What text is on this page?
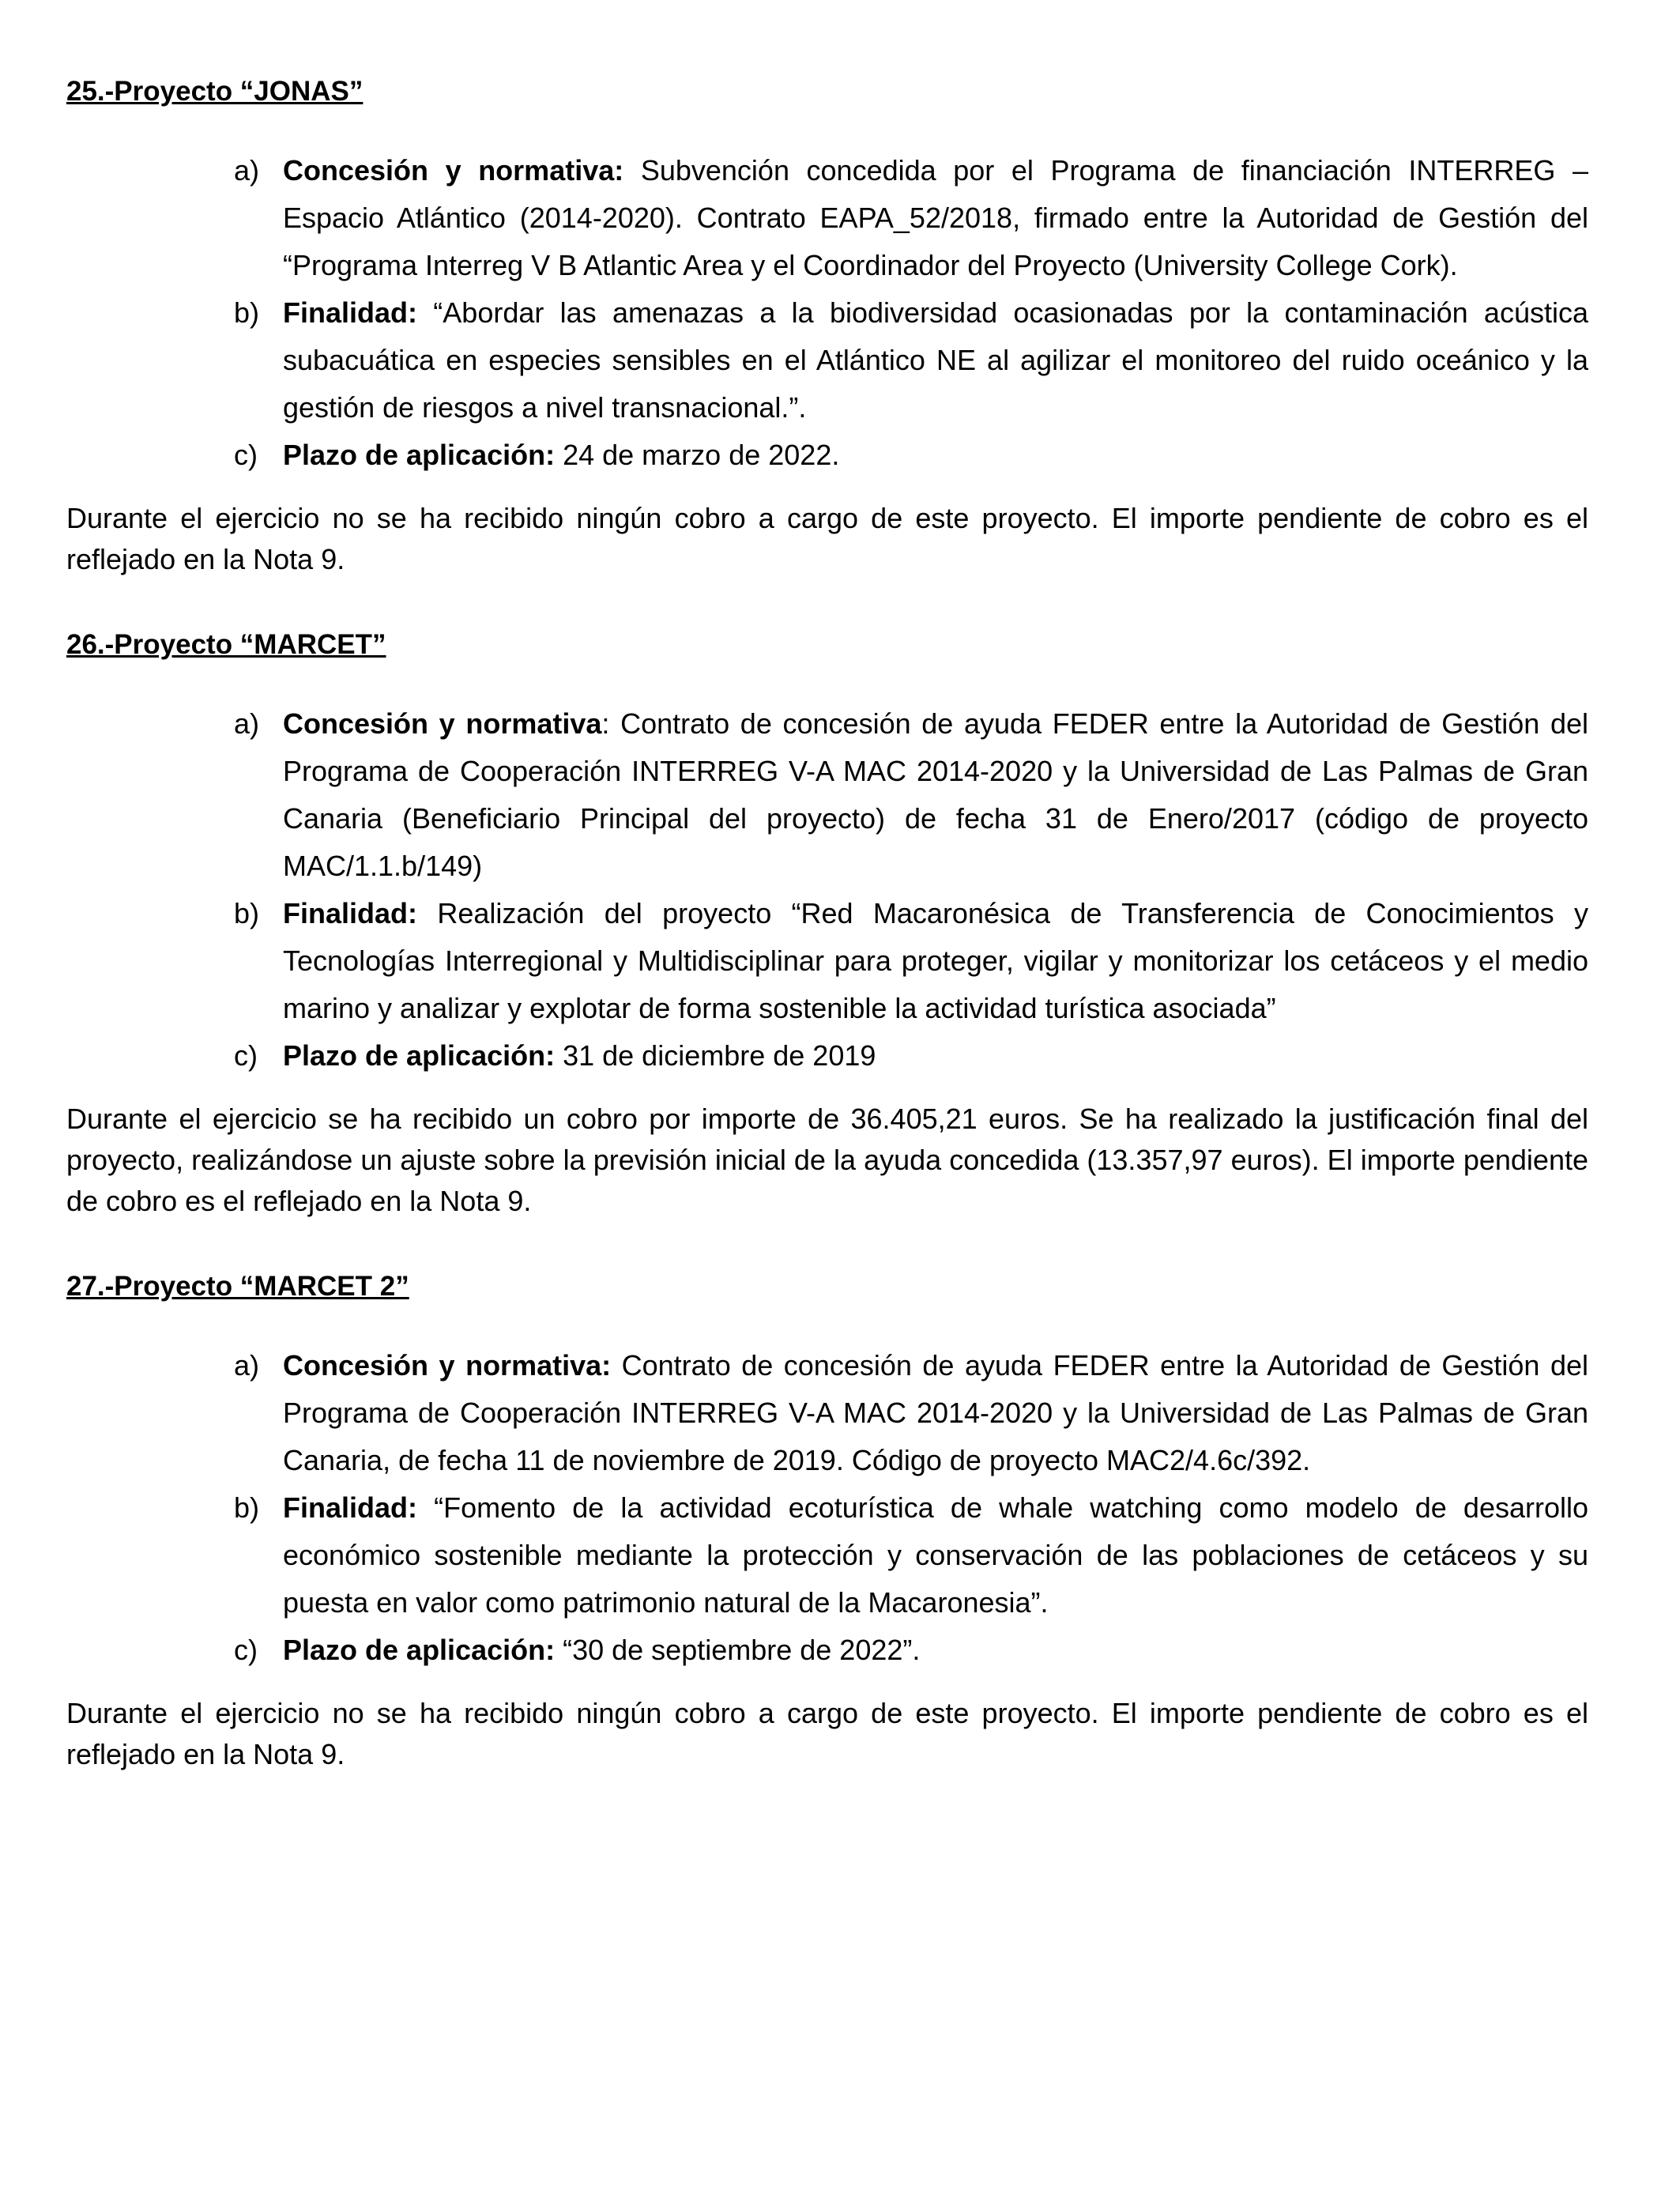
25.-Proyecto “JONAS”
a) Concesión y normativa: Subvención concedida por el Programa de financiación INTERREG – Espacio Atlántico (2014-2020). Contrato EAPA_52/2018, firmado entre la Autoridad de Gestión del “Programa Interreg V B Atlantic Area y el Coordinador del Proyecto (University College Cork).
b) Finalidad: “Abordar las amenazas a la biodiversidad ocasionadas por la contaminación acústica subacuática en especies sensibles en el Atlántico NE al agilizar el monitoreo del ruido oceánico y la gestión de riesgos a nivel transnacional.”.
c) Plazo de aplicación: 24 de marzo de 2022.

Durante el ejercicio no se ha recibido ningún cobro a cargo de este proyecto. El importe pendiente de cobro es el reflejado en la Nota 9.

26.-Proyecto “MARCET”
a) Concesión y normativa: Contrato de concesión de ayuda FEDER entre la Autoridad de Gestión del Programa de Cooperación INTERREG V-A MAC 2014-2020 y la Universidad de Las Palmas de Gran Canaria (Beneficiario Principal del proyecto) de fecha 31 de Enero/2017 (código de proyecto MAC/1.1.b/149)
b) Finalidad: Realización del proyecto “Red Macaronésica de Transferencia de Conocimientos y Tecnologías Interregional y Multidisciplinar para proteger, vigilar y monitorizar los cetáceos y el medio marino y analizar y explotar de forma sostenible la actividad turística asociada”
c) Plazo de aplicación: 31 de diciembre de 2019

Durante el ejercicio se ha recibido un cobro por importe de 36.405,21 euros. Se ha realizado la justificación final del proyecto, realizándose un ajuste sobre la previsión inicial de la ayuda concedida (13.357,97 euros). El importe pendiente de cobro es el reflejado en la Nota 9.

27.-Proyecto “MARCET 2”
a) Concesión y normativa: Contrato de concesión de ayuda FEDER entre la Autoridad de Gestión del Programa de Cooperación INTERREG V-A MAC 2014-2020 y la Universidad de Las Palmas de Gran Canaria, de fecha 11 de noviembre de 2019. Código de proyecto MAC2/4.6c/392.
b) Finalidad: “Fomento de la actividad ecoturística de whale watching como modelo de desarrollo económico sostenible mediante la protección y conservación de las poblaciones de cetáceos y su puesta en valor como patrimonio natural de la Macaronesia”.
c) Plazo de aplicación: “30 de septiembre de 2022”.

Durante el ejercicio no se ha recibido ningún cobro a cargo de este proyecto. El importe pendiente de cobro es el reflejado en la Nota 9.
